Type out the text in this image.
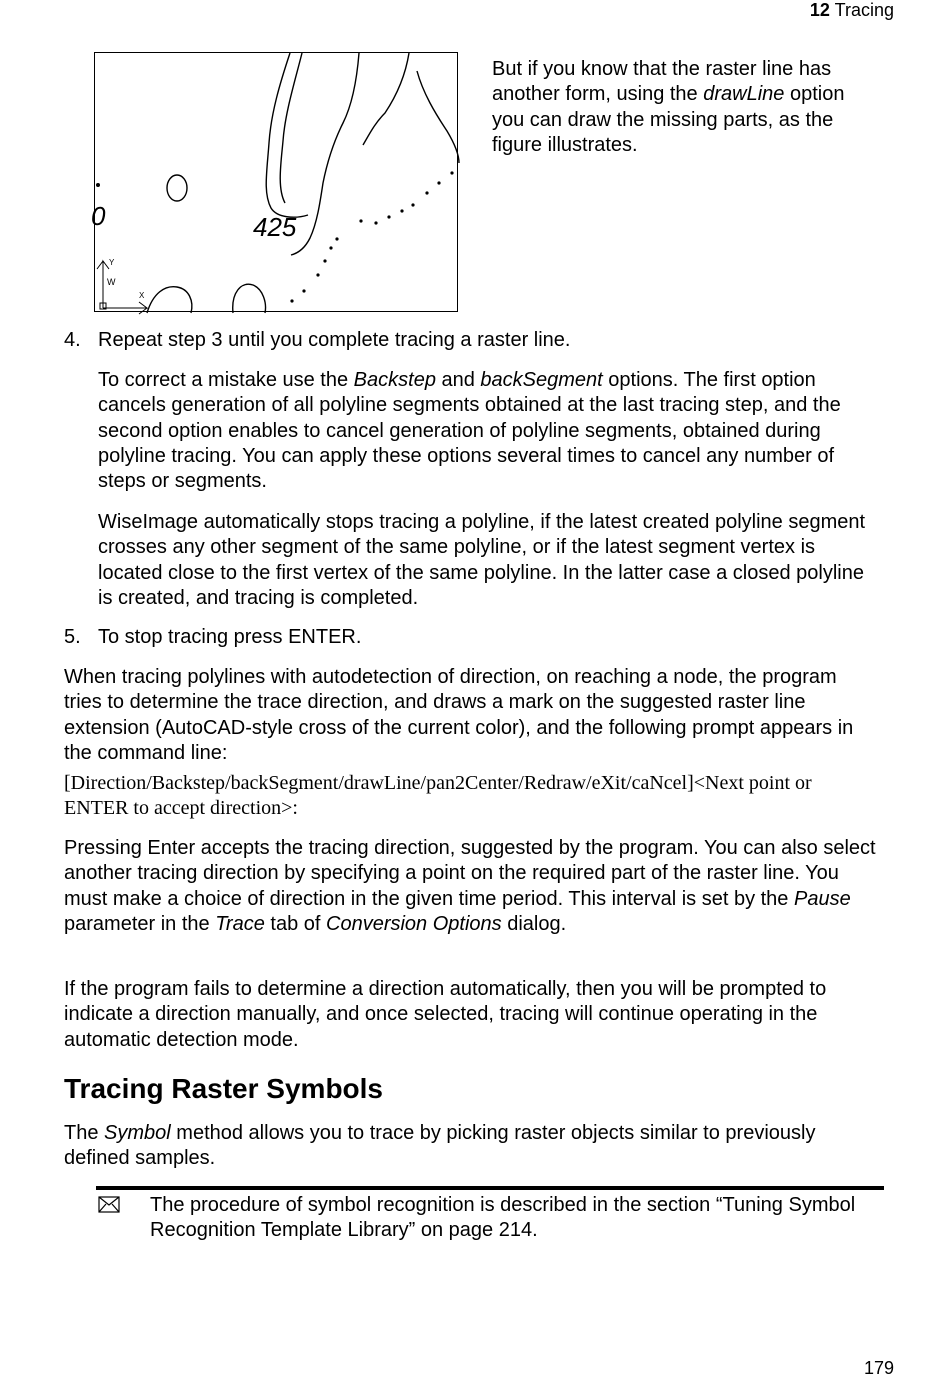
12 Tracing
425
0
W
Y
X
But if you know that the raster line has another form, using the drawLine option you can draw the missing parts, as the figure illustrates.
4. Repeat step 3 until you complete tracing a raster line.
To correct a mistake use the Backstep and backSegment options. The first option cancels generation of all polyline segments obtained at the last tracing step, and the second option enables to cancel generation of polyline segments, obtained during polyline tracing. You can apply these options several times to cancel any number of steps or segments.
WiseImage automatically stops tracing a polyline, if the latest created polyline segment crosses any other segment of the same polyline, or if the latest segment vertex is located close to the first vertex of the same polyline. In the latter case a closed polyline is created, and tracing is completed.
5. To stop tracing press ENTER.
When tracing polylines with autodetection of direction, on reaching a node, the program tries to determine the trace direction, and draws a mark on the suggested raster line extension (AutoCAD-style cross of the current color), and the following prompt appears in the command line:
[Direction/Backstep/backSegment/drawLine/pan2Center/Redraw/eXit/caNcel]<Next point or ENTER to accept direction>:
Pressing Enter accepts the tracing direction, suggested by the program. You can also select another tracing direction by specifying a point on the required part of the raster line. You must make a choice of direction in the given time period. This interval is set by the Pause parameter in the Trace tab of Conversion Options dialog.
If the program fails to determine a direction automatically, then you will be prompted to indicate a direction manually, and once selected, tracing will continue operating in the automatic detection mode.
Tracing Raster Symbols
The Symbol method allows you to trace by picking raster objects similar to previously defined samples.
The procedure of symbol recognition is described in the section “Tuning Symbol Recognition Template Library” on page 214.
179
